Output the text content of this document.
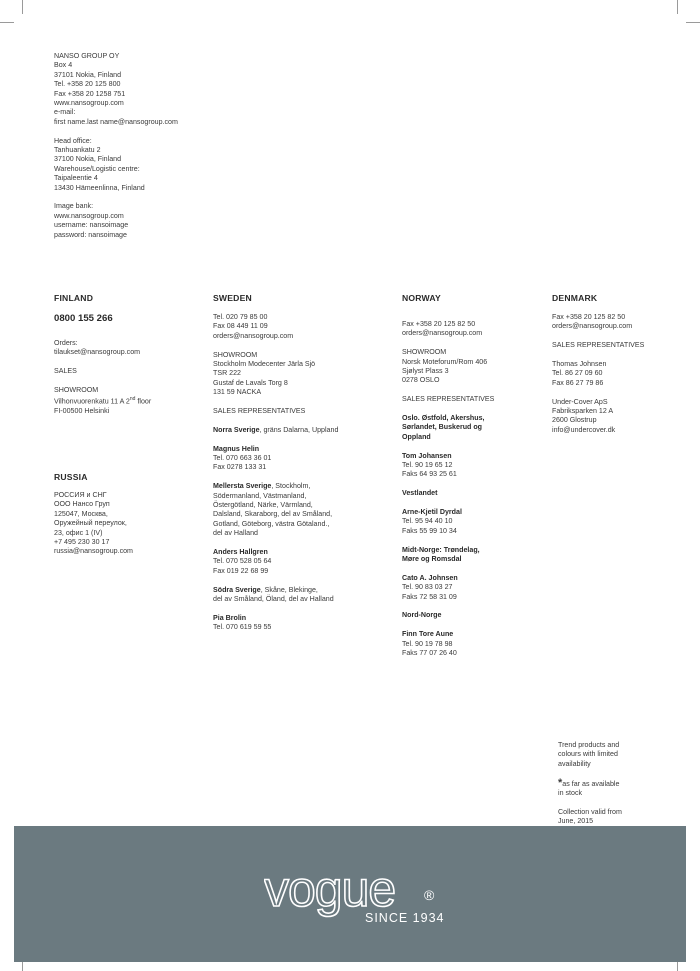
NANSO GROUP OY
Box 4
37101 Nokia, Finland
Tel. +358 20 125 800
Fax +358 20 1258 751
www.nansogroup.com
e-mail:
first name.last name@nansogroup.com
Head office:
Tanhuankatu 2
37100 Nokia, Finland
Warehouse/Logistic centre:
Taipaleentie 4
13430 Hämeenlinna, Finland
Image bank:
www.nansogroup.com
username: nansoimage
password: nansoimage
FINLAND
0800 155 266
Orders:
tilaukset@nansogroup.com
SALES
SHOWROOM
Vilhonvuorenkatu 11 A 2nd floor
FI-00500 Helsinki
RUSSIA
РОССИЯ и СНГ
ООО Нансо Груп
125047, Москва,
Оружейный переулок,
23, офис 1 (IV)
+7 495 230 30 17
russia@nansogroup.com
SWEDEN
Tel. 020 79 85 00
Fax 08 449 11 09
orders@nansogroup.com
SHOWROOM
Stockholm Modecenter Järla Sjö
TSR 222
Gustaf de Lavals Torg 8
131 59 NACKA
SALES REPRESENTATIVES
Norra Sverige, gräns Dalarna, Uppland
Magnus Helin
Tel. 070 663 36 01
Fax 0278 133 31
Mellersta Sverige, Stockholm,
Södermanland, Västmanland,
Östergötland, Närke, Värmland,
Dalsland, Skaraborg, del av Småland,
Gotland, Göteborg, västra Götaland.,
del av Halland
Anders Hallgren
Tel. 070 528 05 64
Fax 019 22 68 99
Södra Sverige, Skåne, Blekinge,
del av Småland, Öland, del av Halland
Pia Brolin
Tel. 070 619 59 55
NORWAY
Fax +358 20 125 82 50
orders@nansogroup.com
SHOWROOM
Norsk Moteforum/Rom 406
Sjølyst Plass 3
0278 OSLO
SALES REPRESENTATIVES
Oslo. Østfold, Akershus,
Sørlandet, Buskerud og
Oppland
Tom Johansen
Tel. 90 19 65 12
Faks 64 93 25 61
Vestlandet
Arne-Kjetil Dyrdal
Tel. 95 94 40 10
Faks 55 99 10 34
Midt-Norge: Trøndelag,
Møre og Romsdal
Cato A. Johnsen
Tel. 90 83 03 27
Faks 72 58 31 09
Nord-Norge
Finn Tore Aune
Tel. 90 19 78 98
Faks 77 07 26 40
DENMARK
Fax +358 20 125 82 50
orders@nansogroup.com
SALES REPRESENTATIVES
Thomas Johnsen
Tel. 86 27 09 60
Fax 86 27 79 86
Under-Cover ApS
Fabriksparken 12 A
2600 Glostrup
info@undercover.dk
Trend products and
colours with limited
availability
*as far as available
in stock
Collection valid from
June, 2015
vogue ®
SINCE 1934
